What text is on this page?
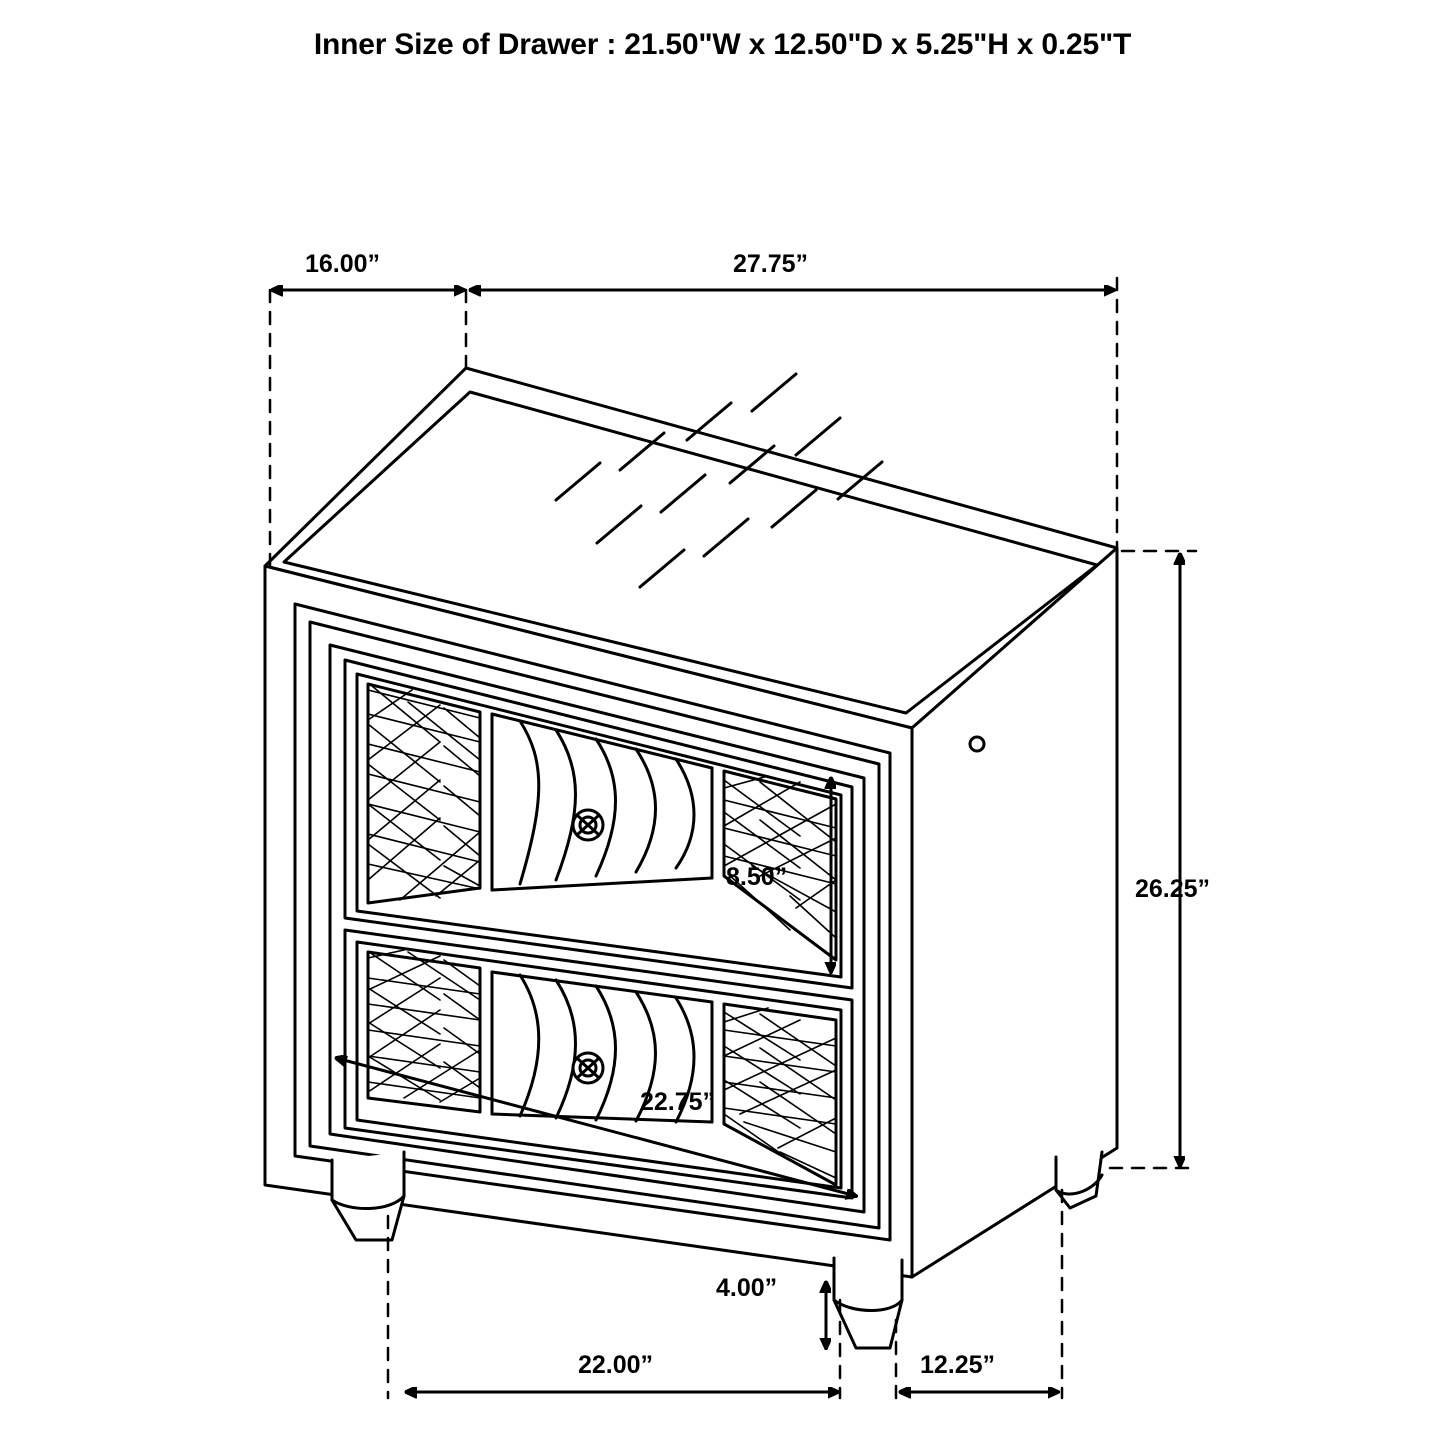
Inner Size of Drawer : 21.50"W x 12.50"D x 5.25"H x 0.25"T
16.00”	27.75”
26.25”
8.50”
22.75”
22.00”
4.00”
12.25”
